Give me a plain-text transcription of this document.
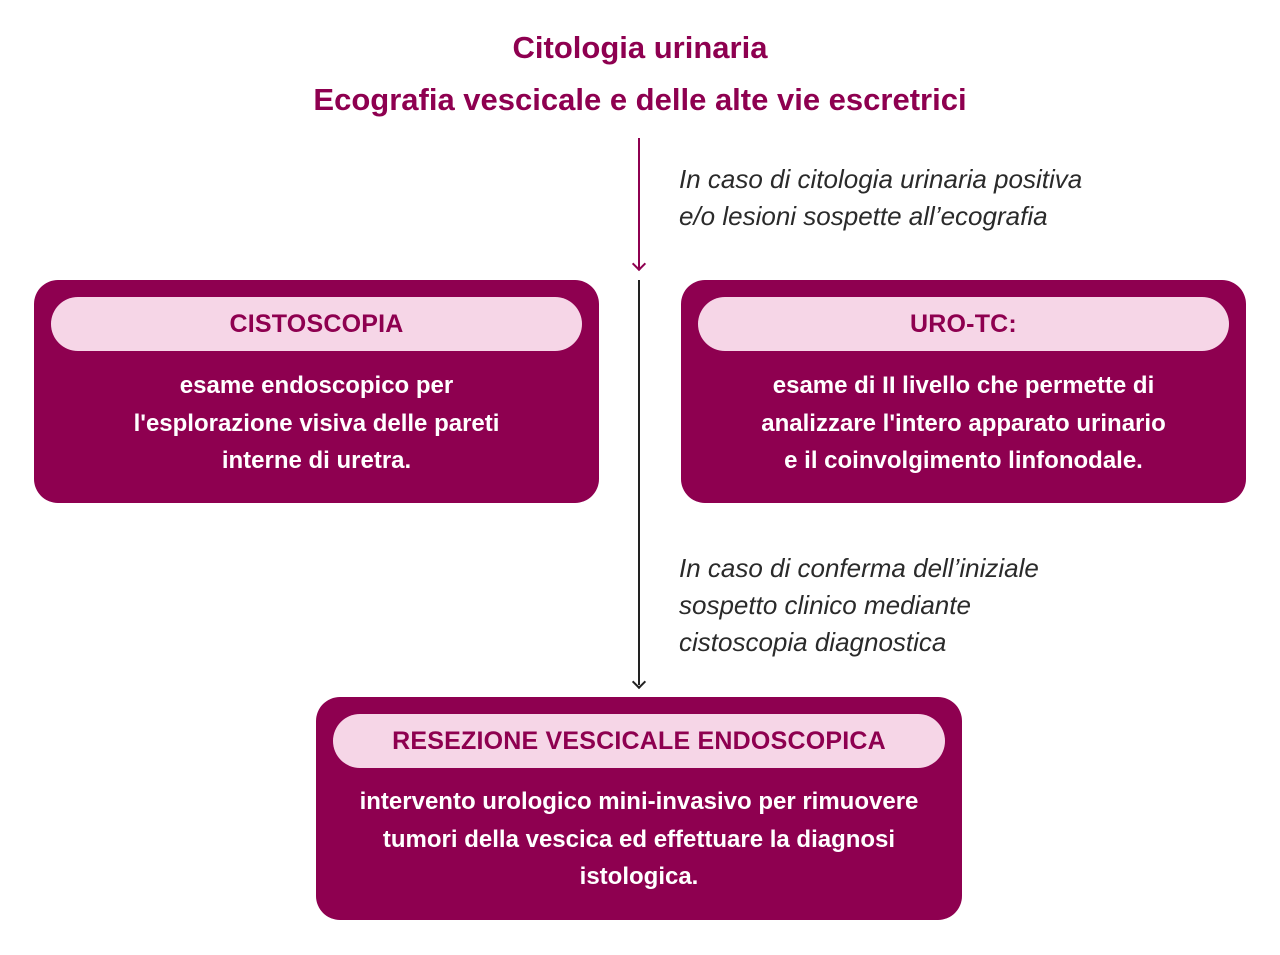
Citologia urinaria
Ecografia vescicale e delle alte vie escretrici

In caso di citologia urinaria positiva
e/o lesioni sospette all’ecografia

CISTOSCOPIA
esame endoscopico per
l'esplorazione visiva delle pareti
interne di uretra.
URO-TC:
esame di II livello che permette di
analizzare l'intero apparato urinario
e il coinvolgimento linfonodale.

In caso di conferma dell’iniziale
sospetto clinico mediante
cistoscopia diagnostica

RESEZIONE VESCICALE ENDOSCOPICA
intervento urologico mini-invasivo per rimuovere
tumori della vescica ed effettuare la diagnosi
istologica.
